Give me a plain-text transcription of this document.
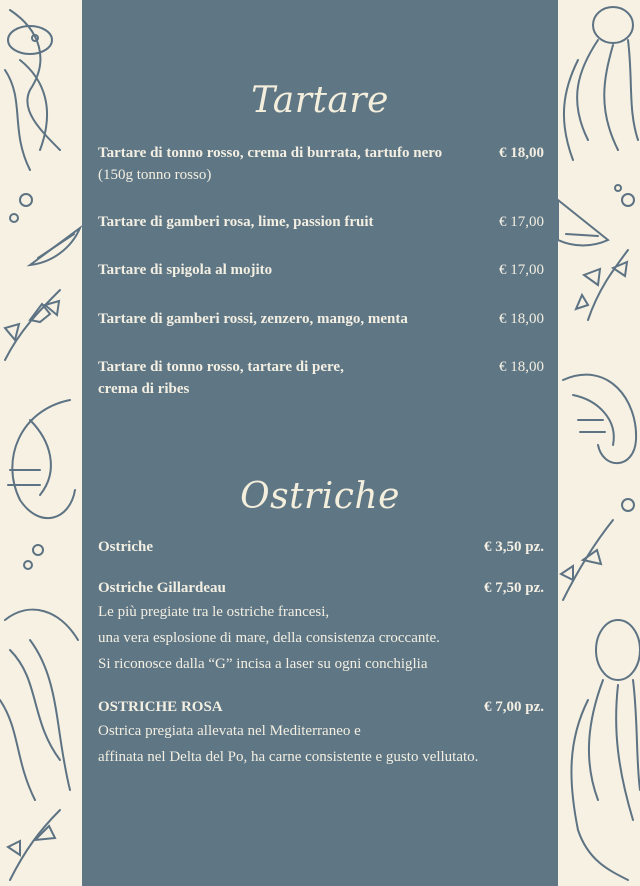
Tartare
Tartare di tonno rosso, crema di burrata, tartufo nero	€ 18,00
(150g tonno rosso)
Tartare di gamberi rosa, lime, passion fruit	€ 17,00
Tartare di spigola al mojito	€ 17,00
Tartare di gamberi rossi, zenzero, mango, menta	€ 18,00
Tartare di tonno rosso, tartare di pere,	€ 18,00
crema di ribes
Ostriche
Ostriche	€ 3,50 pz.
Ostriche Gillardeau	€ 7,50 pz.
Le più pregiate tra le ostriche francesi,
una vera esplosione di mare, della consistenza croccante.
Si riconosce dalla “G” incisa a laser su ogni conchiglia
OSTRICHE ROSA	€ 7,00 pz.
Ostrica pregiata allevata nel Mediterraneo e
affinata nel Delta del Po, ha carne consistente e gusto vellutato.
